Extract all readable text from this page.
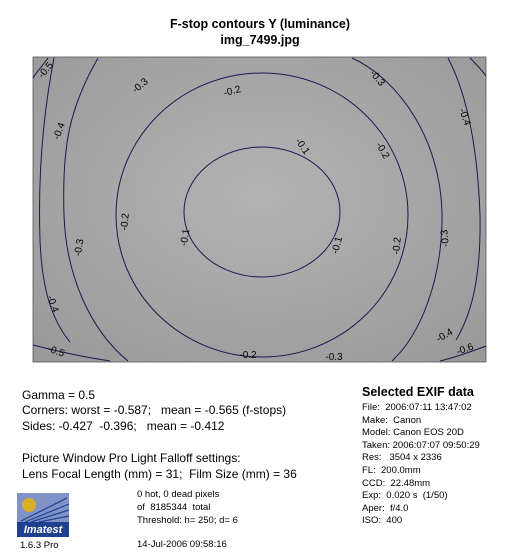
F-stop contours Y (luminance)
img_7499.jpg
-0.1
-0.1	-0.1
-0.2
-0.2
-0.2
-0.2
-0.2
-0.3	-0.3
-0.3	-0.3
-0.3
-0.4
-0.4
-0.4
-0.4
-0.5
-0.5
-0.6
Gamma = 0.5
Corners: worst = -0.587;   mean = -0.565 (f-stops)
Sides: -0.427  -0.396;   mean = -0.412
Picture Window Pro Light Falloff settings:
Lens Focal Length (mm) = 31;  Film Size (mm) = 36
0 hot, 0 dead pixels
of  8185344  total
Threshold: h= 250; d= 6
14-Jul-2006 09:58:16
Imatest
1.6.3 Pro
Selected EXIF data
File:  2006:07:11 13:47:02
Make:  Canon
Model: Canon EOS 20D
Taken: 2006:07:07 09:50:29
Res:   3504 x 2336
FL:  200.0mm
CCD:  22.48mm
Exp:  0.020 s  (1/50)
Aper:  f/4.0
ISO:  400
